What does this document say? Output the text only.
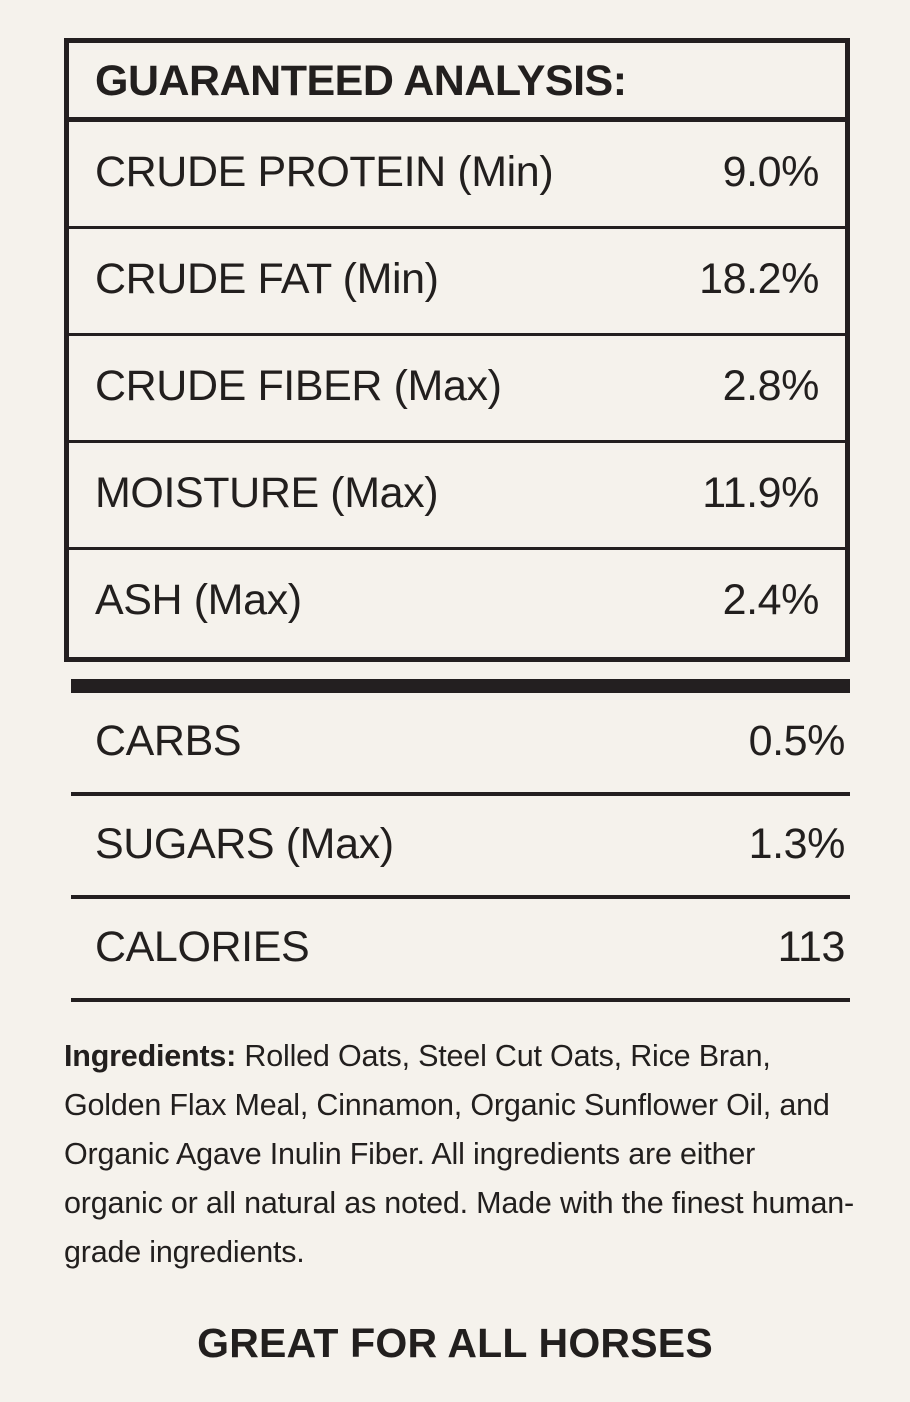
GUARANTEED ANALYSIS:
CRUDE PROTEIN (Min)	9.0%
CRUDE FAT (Min)	18.2%
CRUDE FIBER (Max)	2.8%
MOISTURE (Max)	11.9%
ASH (Max)	2.4%
CARBS	0.5%
SUGARS (Max)	1.3%
CALORIES	113
Ingredients: Rolled Oats, Steel Cut Oats, Rice Bran, Golden Flax Meal, Cinnamon, Organic Sunflower Oil, and Organic Agave Inulin Fiber. All ingredients are either organic or all natural as noted. Made with the finest human-grade ingredients.
GREAT FOR ALL HORSES
